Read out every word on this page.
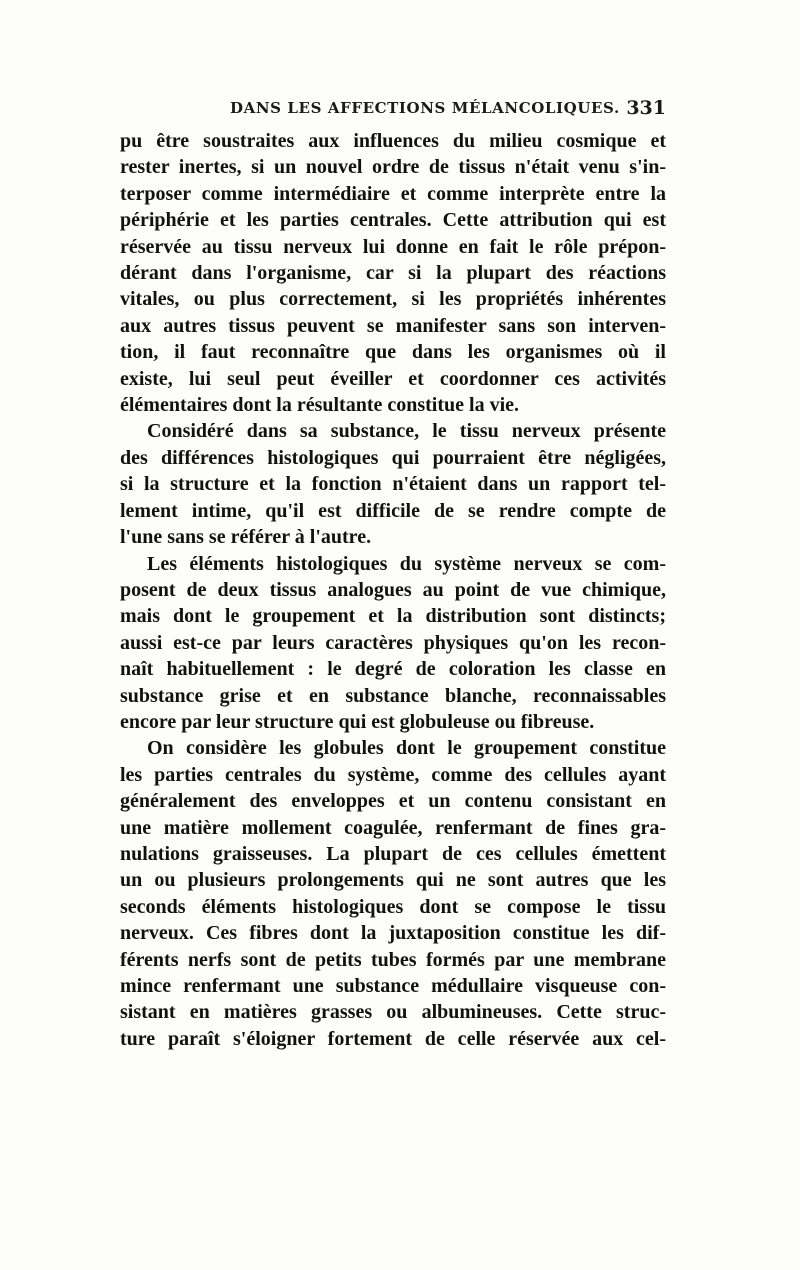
DANS LES AFFECTIONS MÉLANCOLIQUES. 331
pu être soustraites aux influences du milieu cosmique et
rester inertes, si un nouvel ordre de tissus n'était venu s'in-
terposer comme intermédiaire et comme interprète entre la
périphérie et les parties centrales. Cette attribution qui est
réservée au tissu nerveux lui donne en fait le rôle prépon-
dérant dans l'organisme, car si la plupart des réactions
vitales, ou plus correctement, si les propriétés inhérentes
aux autres tissus peuvent se manifester sans son interven-
tion, il faut reconnaître que dans les organismes où il
existe, lui seul peut éveiller et coordonner ces activités
élémentaires dont la résultante constitue la vie.
Considéré dans sa substance, le tissu nerveux présente
des différences histologiques qui pourraient être négligées,
si la structure et la fonction n'étaient dans un rapport tel-
lement intime, qu'il est difficile de se rendre compte de
l'une sans se référer à l'autre.
Les éléments histologiques du système nerveux se com-
posent de deux tissus analogues au point de vue chimique,
mais dont le groupement et la distribution sont distincts;
aussi est-ce par leurs caractères physiques qu'on les recon-
naît habituellement : le degré de coloration les classe en
substance grise et en substance blanche, reconnaissables
encore par leur structure qui est globuleuse ou fibreuse.
On considère les globules dont le groupement constitue
les parties centrales du système, comme des cellules ayant
généralement des enveloppes et un contenu consistant en
une matière mollement coagulée, renfermant de fines gra-
nulations graisseuses. La plupart de ces cellules émettent
un ou plusieurs prolongements qui ne sont autres que les
seconds éléments histologiques dont se compose le tissu
nerveux. Ces fibres dont la juxtaposition constitue les dif-
férents nerfs sont de petits tubes formés par une membrane
mince renfermant une substance médullaire visqueuse con-
sistant en matières grasses ou albumineuses. Cette struc-
ture paraît s'éloigner fortement de celle réservée aux cel-
